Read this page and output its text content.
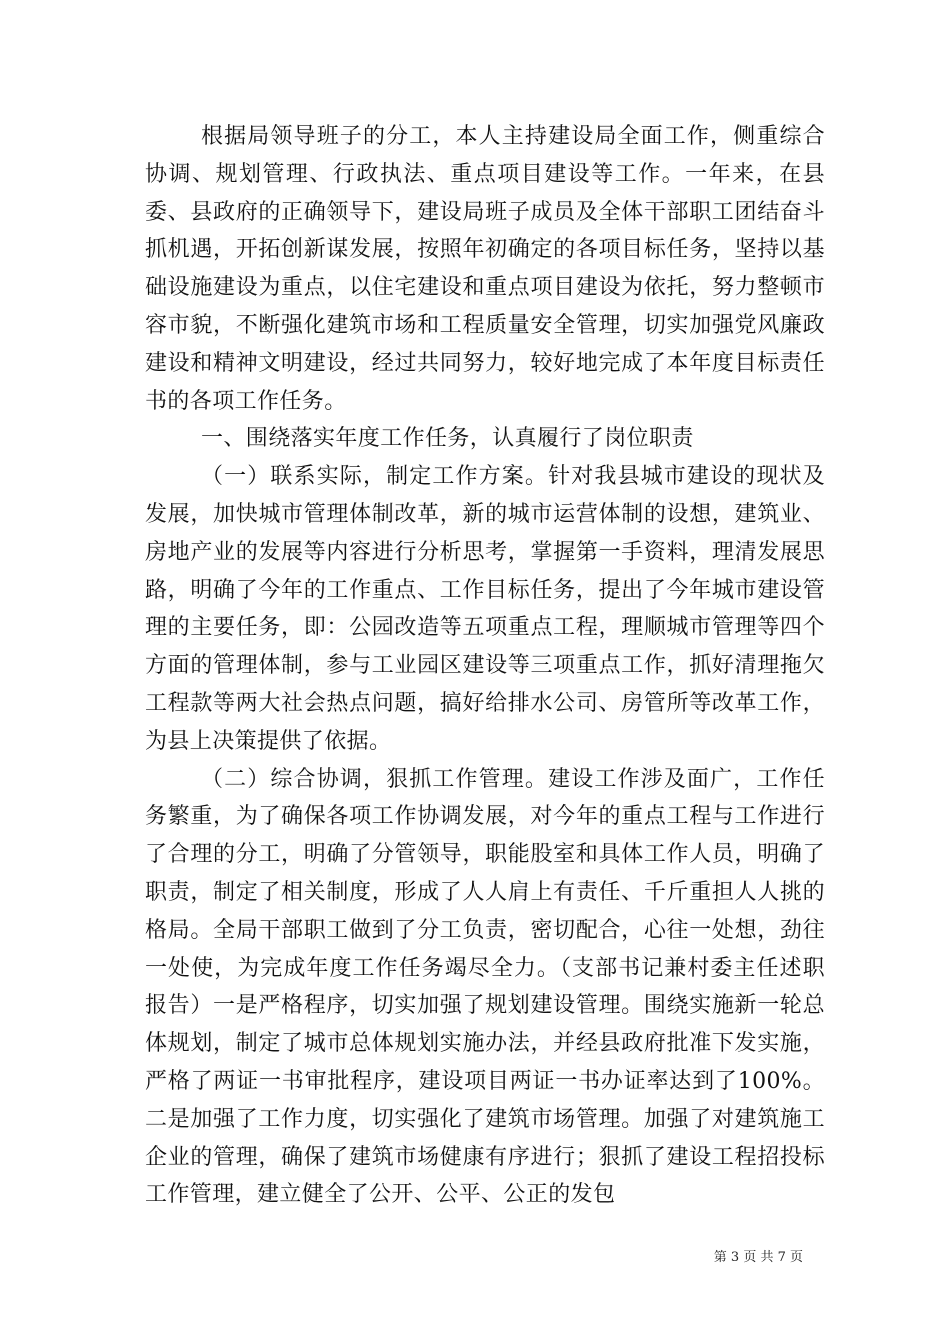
根据局领导班子的分工，本人主持建设局全面工作，侧重综合协调、规划管理、行政执法、重点项目建设等工作。一年来，在县委、县政府的正确领导下，建设局班子成员及全体干部职工团结奋斗抓机遇，开拓创新谋发展，按照年初确定的各项目标任务，坚持以基础设施建设为重点，以住宅建设和重点项目建设为依托，努力整顿市容市貌，不断强化建筑市场和工程质量安全管理，切实加强党风廉政建设和精神文明建设，经过共同努力，较好地完成了本年度目标责任书的各项工作任务。

一、围绕落实年度工作任务，认真履行了岗位职责

（一）联系实际，制定工作方案。针对我县城市建设的现状及发展，加快城市管理体制改革，新的城市运营体制的设想，建筑业、房地产业的发展等内容进行分析思考，掌握第一手资料，理清发展思路，明确了今年的工作重点、工作目标任务，提出了今年城市建设管理的主要任务，即：公园改造等五项重点工程，理顺城市管理等四个方面的管理体制，参与工业园区建设等三项重点工作，抓好清理拖欠工程款等两大社会热点问题，搞好给排水公司、房管所等改革工作，为县上决策提供了依据。

（二）综合协调，狠抓工作管理。建设工作涉及面广，工作任务繁重，为了确保各项工作协调发展，对今年的重点工程与工作进行了合理的分工，明确了分管领导，职能股室和具体工作人员，明确了职责，制定了相关制度，形成了人人肩上有责任、千斤重担人人挑的格局。全局干部职工做到了分工负责，密切配合，心往一处想，劲往一处使，为完成年度工作任务竭尽全力。（支部书记兼村委主任述职报告）一是严格程序，切实加强了规划建设管理。围绕实施新一轮总体规划，制定了城市总体规划实施办法，并经县政府批准下发实施，严格了两证一书审批程序，建设项目两证一书办证率达到了100%。二是加强了工作力度，切实强化了建筑市场管理。加强了对建筑施工企业的管理，确保了建筑市场健康有序进行；狠抓了建设工程招投标工作管理，建立健全了公开、公平、公正的发包

第 3 页 共 7 页
